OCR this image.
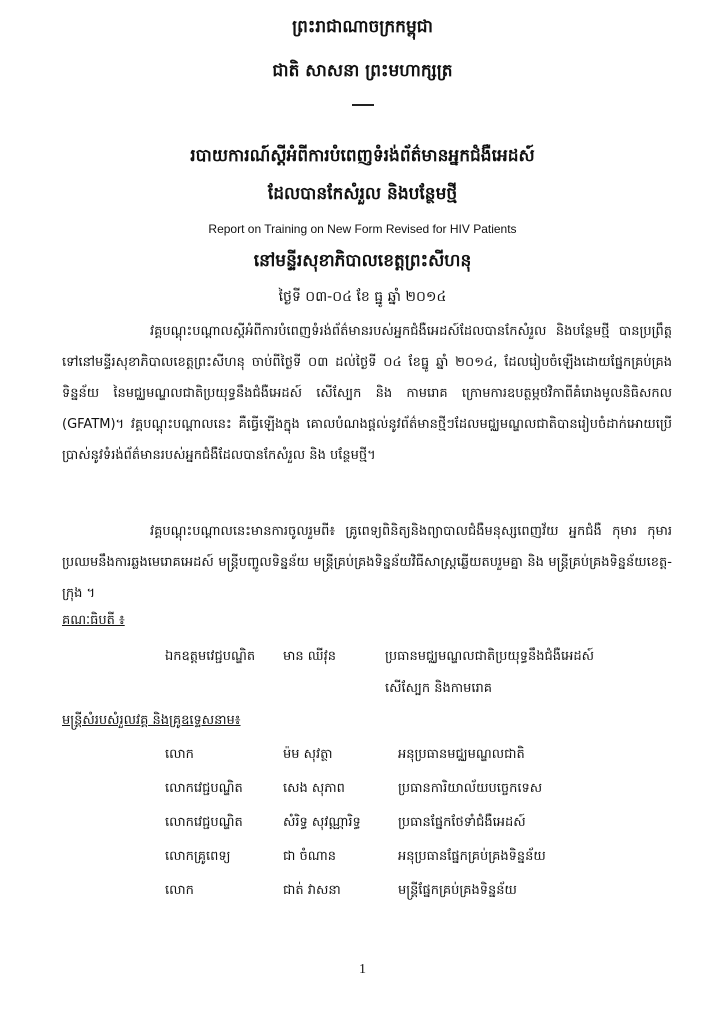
ព្រះរាជាណាចក្រកម្ពុជា
ជាតិ សាសនា ព្រះមហាក្សត្រ
របាយការណ៍ស្តីអំពីការបំពេញទំរង់ព័ត៌មានអ្នកជំងឺអេដស៍
ដែលបានកែសំរួល និងបន្ថែមថ្មី
Report on Training on New Form Revised for HIV Patients
នៅមន្ទីរសុខាភិបាលខេត្តព្រះសីហនុ
ថ្ងៃទី ០៣-០៤ ខែ ធ្នូ ឆ្នាំ ២០១៤
វគ្គបណ្តុះបណ្តាលស្តីអំពីការបំពេញទំរង់ព័ត៌មានរបស់អ្នកជំងឺអេដស៍ដែលបានកែសំរួល និងបន្ថែមថ្មី បានប្រព្រឹត្តទៅនៅមន្ទីរសុខាភិបាលខេត្តព្រះសីហនុ ចាប់ពីថ្ងៃទី ០៣ ដល់ថ្ងៃទី ០៤ ខែធ្នូ ឆ្នាំ ២០១៤, ដែលរៀបចំឡើងដោយផ្នែកគ្រប់គ្រងទិន្នន័យ នៃមជ្ឈមណ្ឌលជាតិប្រយុទ្ធនឹងជំងឺអេដស៍ សើស្បែក និង កាមរោគ ក្រោមការឧបត្ថម្ភថវិកាពីគំរោងមូលនិធិសកល (GFATM)។ វគ្គបណ្តុះបណ្តាលនេះ គឺធ្វើឡើងក្នុង គោលបំណងផ្តល់នូវព័ត៌មានថ្មីៗដែលមជ្ឈមណ្ឌលជាតិបានរៀបចំដាក់អោយប្រើប្រាស់នូវទំរង់ព័ត៌មានរបស់អ្នកជំងឺដែលបានកែសំរួល និង បន្ថែមថ្មី។
វគ្គបណ្តុះបណ្តាលនេះមានការចូលរួមពី៖ គ្រូពេទ្យពិនិត្យនិងព្យាបាលជំងឺមនុស្សពេញវ័យ អ្នកជំងឺ កុមារ កុមារប្រឈមនឹងការឆ្លងមេរោគអេដស៍ មន្ត្រីបញ្ចូលទិន្នន័យ មន្ត្រីគ្រប់គ្រងទិន្នន័យវិធីសាស្ត្រឆ្លើយតបរួមគ្នា និង មន្ត្រីគ្រប់គ្រងទិន្នន័យខេត្ត-ក្រុង ។
គណៈធិបតី ៖
ឯកឧត្តមវេជ្ជបណ្ឌិត មាន ឈីវុន	ប្រធានមជ្ឈមណ្ឌលជាតិប្រយុទ្ធនឹងជំងឺអេដស៍
សើស្បែក និងកាមរោគ
មន្ត្រីសំរបសំរួលវគ្គ និងគ្រូឧទ្ទេសនាម៖
លោក	ម៉ម សុវត្ថា	អនុប្រធានមជ្ឈមណ្ឌលជាតិ
លោកវេជ្ជបណ្ឌិត	សេង សុភាព	ប្រធានការិយាល័យបច្ចេកទេស
លោកវេជ្ជបណ្ឌិត	សំរិទ្ធ សុវណ្ណារិទ្ធ	ប្រធានផ្នែកថែទាំជំងឺអេដស៍
លោកគ្រូពេទ្យ	ជា ចំណាន	អនុប្រធានផ្នែកគ្រប់គ្រងទិន្នន័យ
លោក	ជាត់ វាសនា	មន្ត្រីផ្នែកគ្រប់គ្រងទិន្នន័យ
1
